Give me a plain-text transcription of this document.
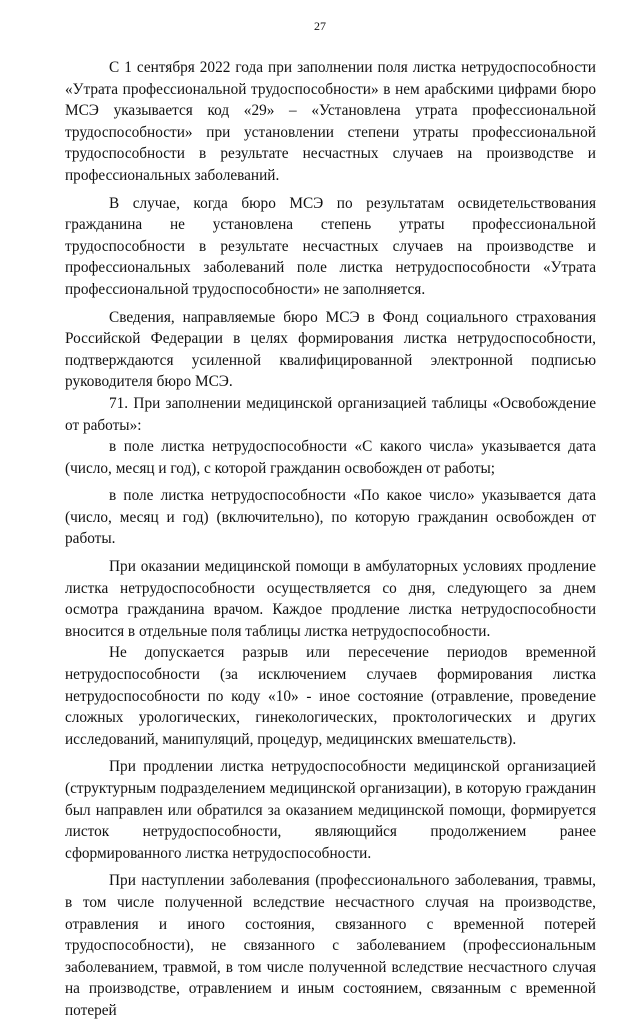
27

С 1 сентября 2022 года при заполнении поля листка нетрудоспособности «Утрата профессиональной трудоспособности» в нем арабскими цифрами бюро МСЭ указывается код «29» – «Установлена утрата профессиональной трудоспособности» при установлении степени утраты профессиональной трудоспособности в результате несчастных случаев на производстве и профессиональных заболеваний.

В случае, когда бюро МСЭ по результатам освидетельствования гражданина не установлена степень утраты профессиональной трудоспособности в результате несчастных случаев на производстве и профессиональных заболеваний поле листка нетрудоспособности «Утрата профессиональной трудоспособности» не заполняется.

Сведения, направляемые бюро МСЭ в Фонд социального страхования Российской Федерации в целях формирования листка нетрудоспособности, подтверждаются усиленной квалифицированной электронной подписью руководителя бюро МСЭ.

71. При заполнении медицинской организацией таблицы «Освобождение от работы»:

в поле листка нетрудоспособности «С какого числа» указывается дата (число, месяц и год), с которой гражданин освобожден от работы;

в поле листка нетрудоспособности «По какое число» указывается дата (число, месяц и год) (включительно), по которую гражданин освобожден от работы.

При оказании медицинской помощи в амбулаторных условиях продление листка нетрудоспособности осуществляется со дня, следующего за днем осмотра гражданина врачом. Каждое продление листка нетрудоспособности вносится в отдельные поля таблицы листка нетрудоспособности.

Не допускается разрыв или пересечение периодов временной нетрудоспособности (за исключением случаев формирования листка нетрудоспособности по коду «10» - иное состояние (отравление, проведение сложных урологических, гинекологических, проктологических и других исследований, манипуляций, процедур, медицинских вмешательств).

При продлении листка нетрудоспособности медицинской организацией (структурным подразделением медицинской организации), в которую гражданин был направлен или обратился за оказанием медицинской помощи, формируется листок нетрудоспособности, являющийся продолжением ранее сформированного листка нетрудоспособности.

При наступлении заболевания (профессионального заболевания, травмы, в том числе полученной вследствие несчастного случая на производстве, отравления и иного состояния, связанного с временной потерей трудоспособности), не связанного с заболеванием (профессиональным заболеванием, травмой, в том числе полученной вследствие несчастного случая на производстве, отравлением и иным состоянием, связанным с временной потерей
